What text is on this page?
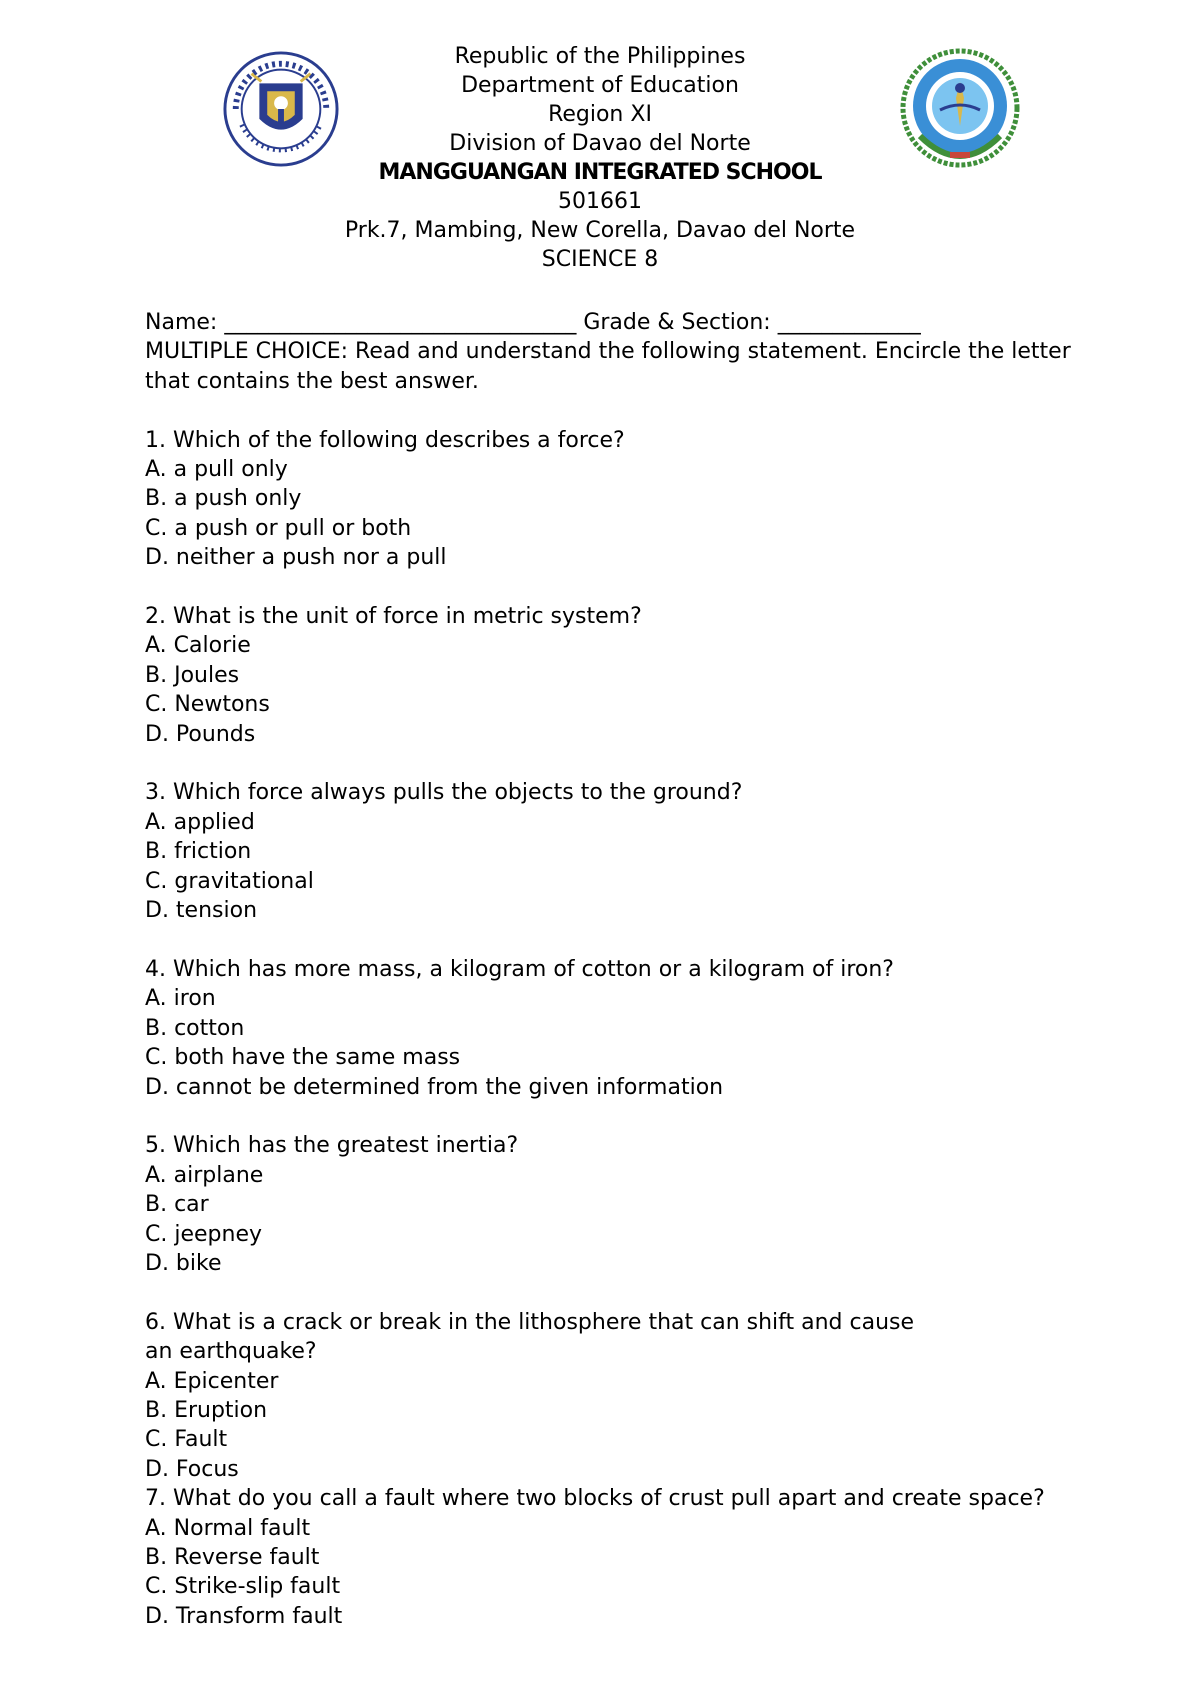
Republic of the Philippines
Department of Education
Region XI
Division of Davao del Norte
MANGGUANGAN INTEGRATED SCHOOL
501661
Prk.7, Mambing, New Corella, Davao del Norte
SCIENCE 8
Name: ________________________________ Grade & Section: _____________
MULTIPLE CHOICE: Read and understand the following statement. Encircle the letter that contains the best answer.
1. Which of the following describes a force?
A. a pull only
B. a push only
C. a push or pull or both
D. neither a push nor a pull
2. What is the unit of force in metric system?
A. Calorie
B. Joules
C. Newtons
D. Pounds
3. Which force always pulls the objects to the ground?
A. applied
B. friction
C. gravitational
D. tension
4. Which has more mass, a kilogram of cotton or a kilogram of iron?
A. iron
B. cotton
C. both have the same mass
D. cannot be determined from the given information
5. Which has the greatest inertia?
A. airplane
B. car
C. jeepney
D. bike
6. What is a crack or break in the lithosphere that can shift and cause an earthquake?
A. Epicenter
B. Eruption
C. Fault
D. Focus
7. What do you call a fault where two blocks of crust pull apart and create space?
A. Normal fault
B. Reverse fault
C. Strike-slip fault
D. Transform fault
